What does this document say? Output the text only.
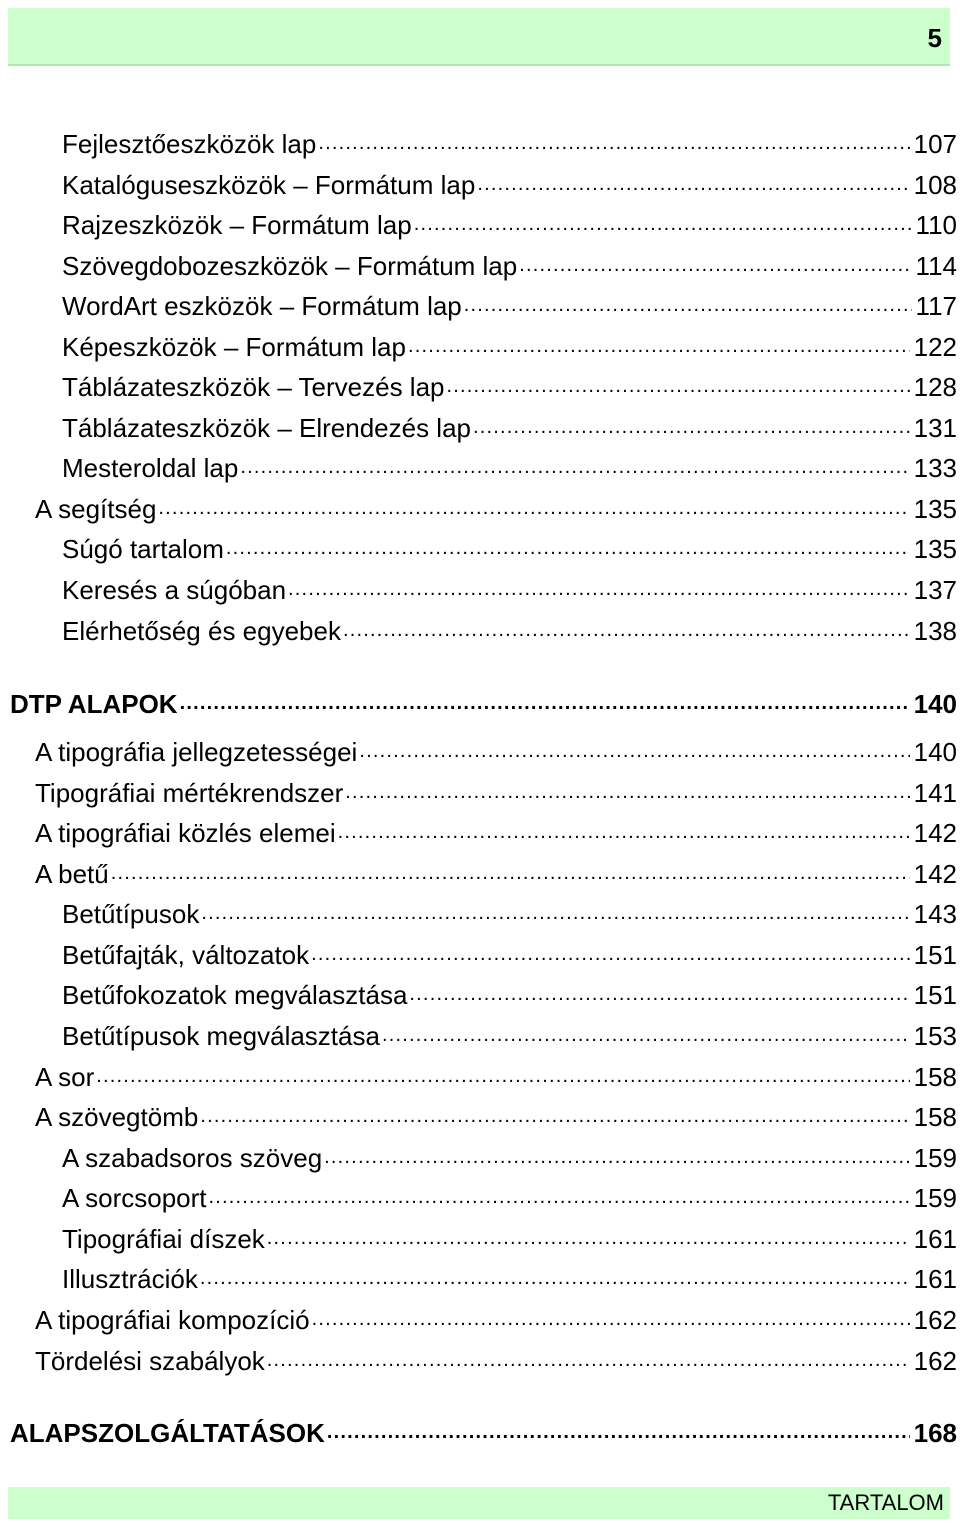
5
Fejlesztőeszközök lap .....	107
Katalóguseszközök – Formátum lap .....	108
Rajzeszközök – Formátum lap .....	110
Szövegdobozeszközök – Formátum lap .....	114
WordArt eszközök – Formátum lap .....	117
Képeszközök – Formátum lap .....	122
Táblázateszközök – Tervezés lap .....	128
Táblázateszközök – Elrendezés lap .....	131
Mesteroldal lap .....	133
A segítség .....	135
Súgó tartalom .....	135
Keresés a súgóban .....	137
Elérhetőség és egyebek .....	138
DTP ALAPOK .....	140
A tipográfia jellegzetességei .....	140
Tipográfiai mértékrendszer .....	141
A tipográfiai közlés elemei .....	142
A betű .....	142
Betűtípusok .....	143
Betűfajták, változatok .....	151
Betűfokozatok megválasztása .....	151
Betűtípusok megválasztása .....	153
A sor .....	158
A szövegtömb .....	158
A szabadsoros szöveg .....	159
A sorcsoport .....	159
Tipográfiai díszek .....	161
Illusztrációk .....	161
A tipográfiai kompozíció .....	162
Tördelési szabályok .....	162
ALAPSZOLGÁLTATÁSOK .....	168
TARTALOM
